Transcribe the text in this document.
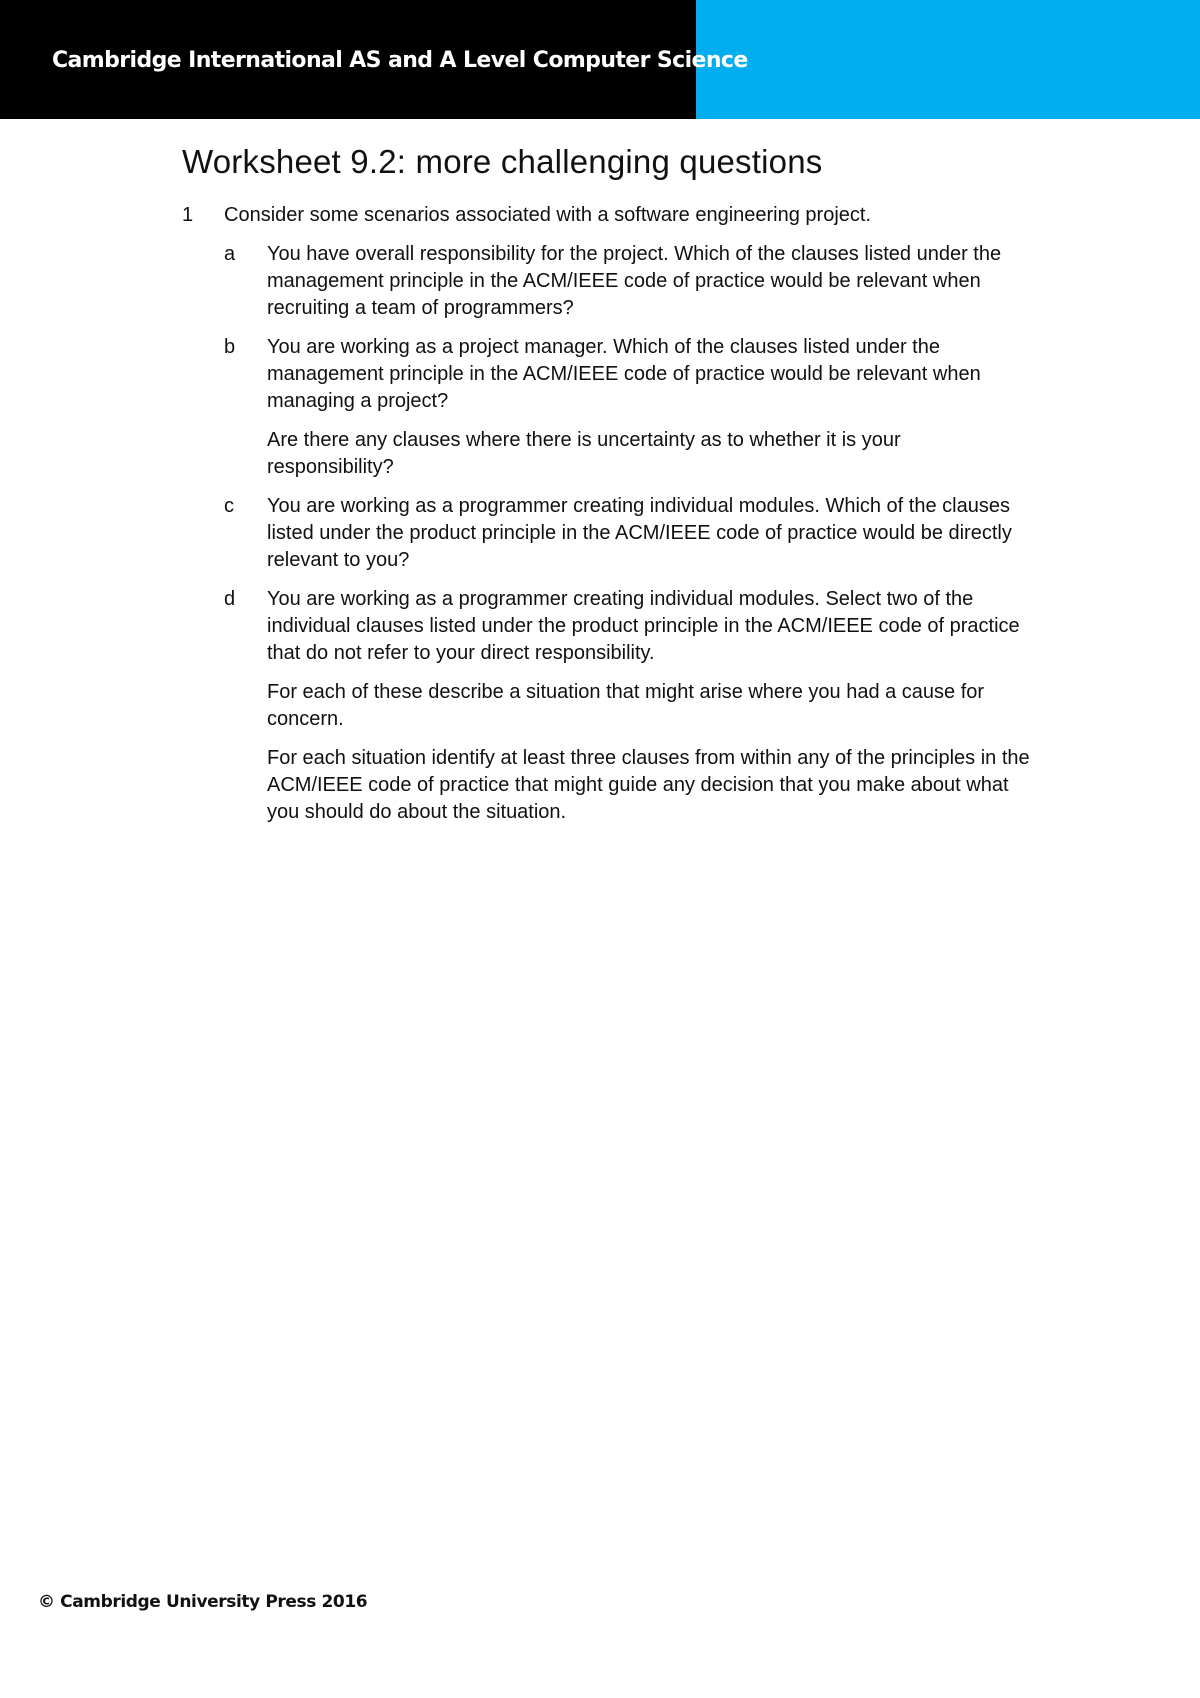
Cambridge International AS and A Level Computer Science
Worksheet 9.2: more challenging questions
1	Consider some scenarios associated with a software engineering project.
a	You have overall responsibility for the project. Which of the clauses listed under the management principle in the ACM/IEEE code of practice would be relevant when recruiting a team of programmers?

b	You are working as a project manager. Which of the clauses listed under the management principle in the ACM/IEEE code of practice would be relevant when managing a project?

Are there any clauses where there is uncertainty as to whether it is your responsibility?

c	You are working as a programmer creating individual modules. Which of the clauses listed under the product principle in the ACM/IEEE code of practice would be directly relevant to you?

d	You are working as a programmer creating individual modules. Select two of the individual clauses listed under the product principle in the ACM/IEEE code of practice that do not refer to your direct responsibility.

For each of these describe a situation that might arise where you had a cause for concern.

For each situation identify at least three clauses from within any of the principles in the ACM/IEEE code of practice that might guide any decision that you make about what you should do about the situation.

© Cambridge University Press 2016
